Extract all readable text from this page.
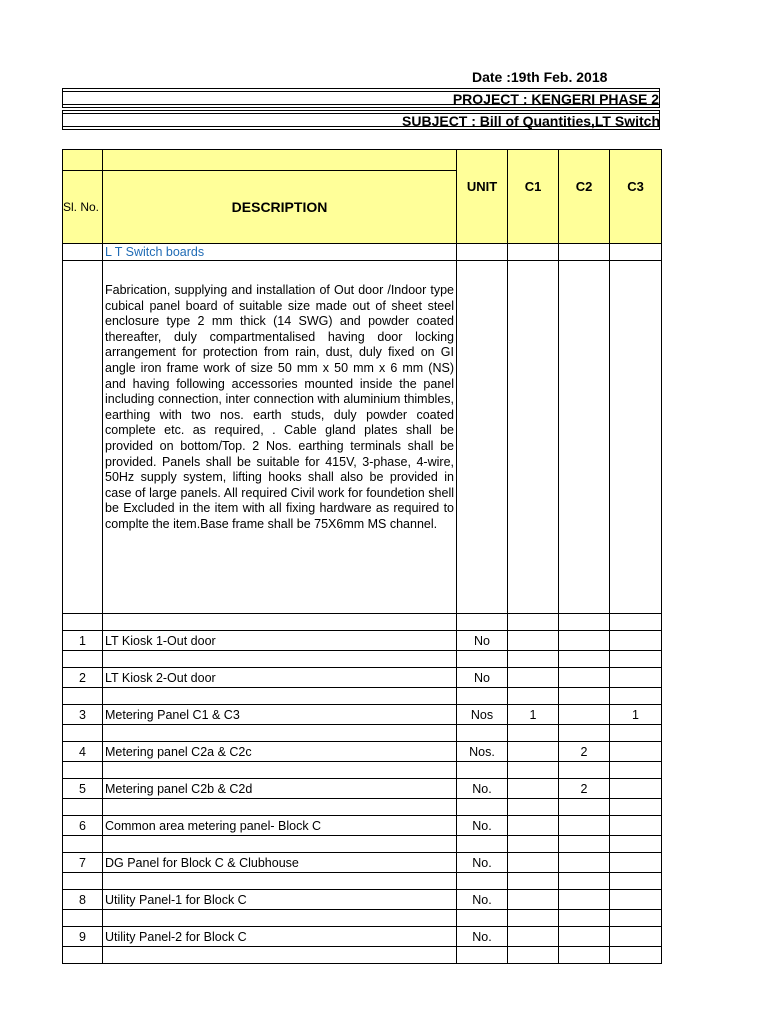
Date :19th Feb. 2018
PROJECT : KENGERI PHASE 2
SUBJECT : Bill of Quantities,LT Switch
		UNIT	C1	C2	C3
Sl. No.	DESCRIPTION				
	L T Switch boards				
	Fabrication, supplying and installation of Out door /Indoor type cubical panel board of suitable size made out of sheet steel enclosure type 2 mm thick (14 SWG) and powder coated thereafter, duly compartmentalised having door locking arrangement for protection from rain, dust, duly fixed on GI angle iron frame work of size 50 mm x 50 mm x 6 mm (NS) and having following accessories mounted inside the panel including connection, inter connection with aluminium thimbles, earthing with two nos. earth studs, duly powder coated complete etc. as required, . Cable gland plates shall be provided on bottom/Top. 2 Nos. earthing terminals shall be provided. Panels shall be suitable for 415V, 3-phase, 4-wire, 50Hz supply system, lifting hooks shall also be provided in case of large panels. All required Civil work for foundetion shell be Excluded in the item with all fixing hardware as required to complte the item.Base frame shall be 75X6mm MS channel.				

1	LT Kiosk 1-Out door	No			

2	LT Kiosk 2-Out door	No			

3	Metering Panel C1 & C3	Nos	1		1

4	Metering panel C2a & C2c	Nos.		2	

5	Metering panel C2b & C2d	No.		2	

6	Common area metering panel- Block C	No.			

7	DG Panel for Block C & Clubhouse	No.			

8	Utility Panel-1 for Block C	No.			

9	Utility Panel-2 for Block C	No.			
